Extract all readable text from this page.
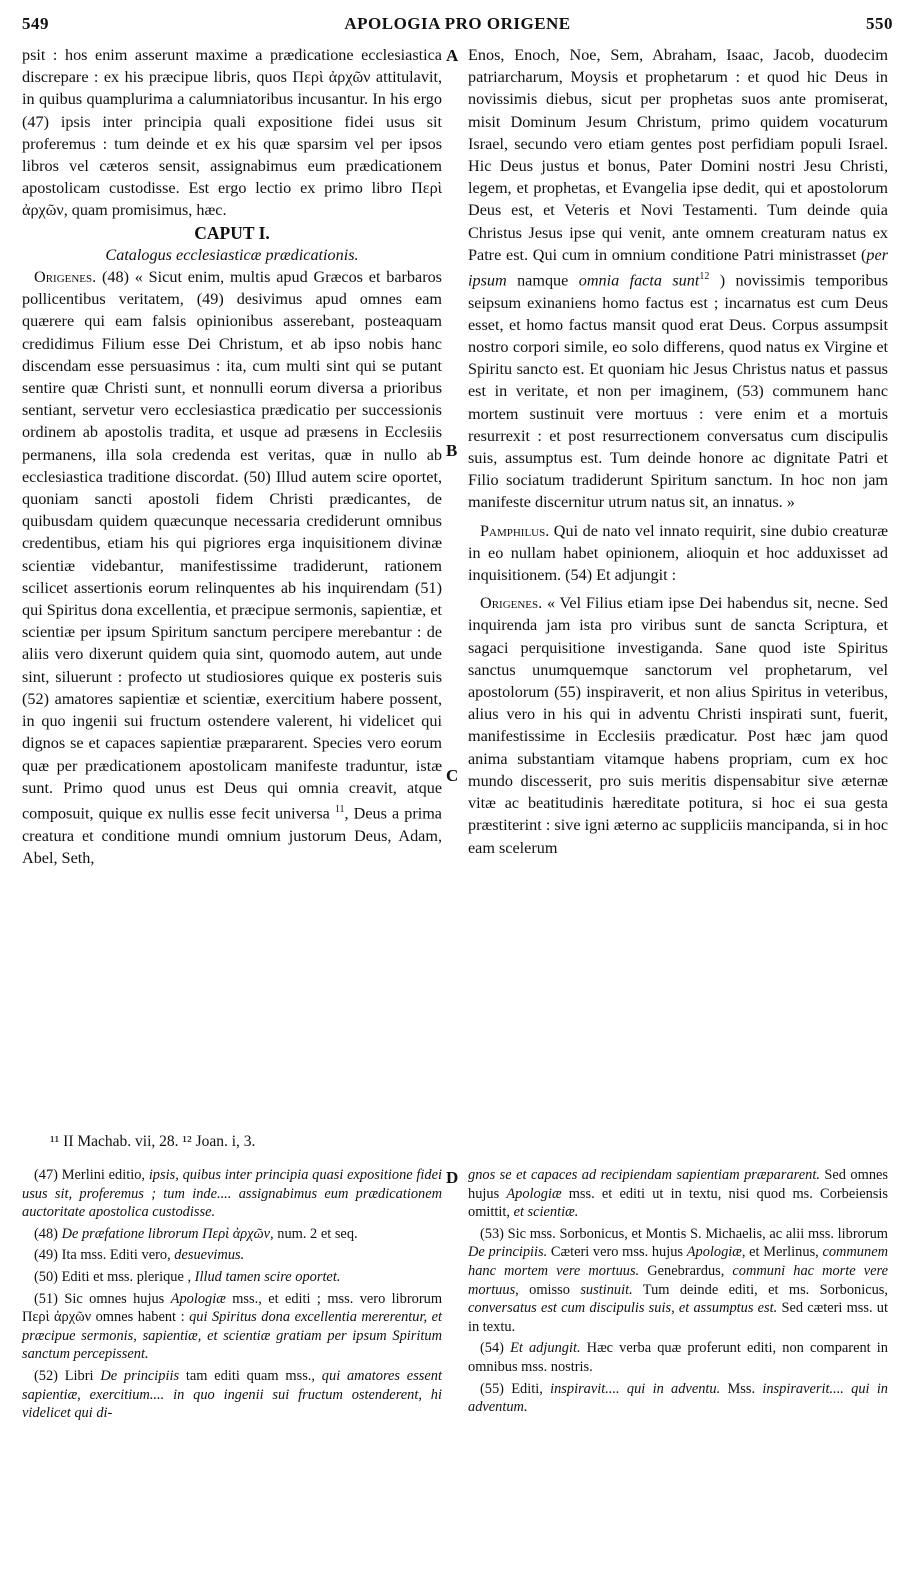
549	APOLOGIA PRO ORIGENE	550
A
B
C
D

psit : hos enim asserunt maxime a prædicatione ecclesiastica discrepare : ex his præcipue libris, quos Περὶ ἀρχῶν attitulavit, in quibus quamplurima a calumniatoribus incusantur. In his ergo (47) ipsis inter principia quali expositione fidei usus sit proferemus : tum deinde et ex his quæ sparsim vel per ipsos libros vel cæteros sensit, assignabimus eum prædicationem apostolicam custodisse. Est ergo lectio ex primo libro Περὶ ἀρχῶν, quam promisimus, hæc.

CAPUT I.

Catalogus ecclesiasticæ prædicationis.

Origenes. (48) « Sicut enim, multis apud Græcos et barbaros pollicentibus veritatem, (49) desivimus apud omnes eam quærere qui eam falsis opinionibus asserebant, posteaquam credidimus Filium esse Dei Christum, et ab ipso nobis hanc discendam esse persuasimus : ita, cum multi sint qui se putant sentire quæ Christi sunt, et nonnulli eorum diversa a prioribus sentiant, servetur vero ecclesiastica prædicatio per successionis ordinem ab apostolis tradita, et usque ad præsens in Ecclesiis permanens, illa sola credenda est veritas, quæ in nullo ab ecclesiastica traditione discordat. (50) Illud autem scire oportet, quoniam sancti apostoli fidem Christi prædicantes, de quibusdam quidem quæcunque necessaria crediderunt omnibus credentibus, etiam his qui pigriores erga inquisitionem divinæ scientiæ videbantur, manifestissime tradiderunt, rationem scilicet assertionis eorum relinquentes ab his inquirendam (51) qui Spiritus dona excellentia, et præcipue sermonis, sapientiæ, et scientiæ per ipsum Spiritum sanctum percipere merebantur : de aliis vero dixerunt quidem quia sint, quomodo autem, aut unde sint, siluerunt : profecto ut studiosiores quique ex posteris suis (52) amatores sapientiæ et scientiæ, exercitium habere possent, in quo ingenii sui fructum ostendere valerent, hi videlicet qui dignos se et capaces sapientiæ præpararent. Species vero eorum quæ per prædicationem apostolicam manifeste traduntur, istæ sunt. Primo quod unus est Deus qui omnia creavit, atque composuit, quique ex nullis esse fecit universa $^{11}$, Deus a prima creatura et conditione mundi omnium justorum Deus, Adam, Abel, Seth,

Enos, Enoch, Noe, Sem, Abraham, Isaac, Jacob, duodecim patriarcharum, Moysis et prophetarum : et quod hic Deus in novissimis diebus, sicut per prophetas suos ante promiserat, misit Dominum Jesum Christum, primo quidem vocaturum Israel, secundo vero etiam gentes post perfidiam populi Israel. Hic Deus justus et bonus, Pater Domini nostri Jesu Christi, legem, et prophetas, et Evangelia ipse dedit, qui et apostolorum Deus est, et Veteris et Novi Testamenti. Tum deinde quia Christus Jesus ipse qui venit, ante omnem creaturam natus ex Patre est. Qui cum in omnium conditione Patri ministrasset (per ipsum namque omnia facta sunt$^{12}$ ) novissimis temporibus seipsum exinaniens homo factus est ; incarnatus est cum Deus esset, et homo factus mansit quod erat Deus. Corpus assumpsit nostro corpori simile, eo solo differens, quod natus ex Virgine et Spiritu sancto est. Et quoniam hic Jesus Christus natus et passus est in veritate, et non per imaginem, (53) communem hanc mortem sustinuit vere mortuus : vere enim et a mortuis resurrexit : et post resurrectionem conversatus cum discipulis suis, assumptus est. Tum deinde honore ac dignitate Patri et Filio sociatum tradiderunt Spiritum sanctum. In hoc non jam manifeste discernitur utrum natus sit, an innatus. »

Pamphilus. Qui de nato vel innato requirit, sine dubio creaturæ in eo nullam habet opinionem, alioquin et hoc adduxisset ad inquisitionem. (54) Et adjungit :

Origenes. « Vel Filius etiam ipse Dei habendus sit, necne. Sed inquirenda jam ista pro viribus sunt de sancta Scriptura, et sagaci perquisitione investiganda. Sane quod iste Spiritus sanctus unumquemque sanctorum vel prophetarum, vel apostolorum (55) inspiraverit, et non alius Spiritus in veteribus, alius vero in his qui in adventu Christi inspirati sunt, fuerit, manifestissime in Ecclesiis prædicatur. Post hæc jam quod anima substantiam vitamque habens propriam, cum ex hoc mundo discesserit, pro suis meritis dispensabitur sive æternæ vitæ ac beatitudinis hæreditate potitura, si hoc ei sua gesta præstiterint : sive igni æterno ac suppliciis mancipanda, si in hoc eam scelerum

¹¹ II Machab. vii, 28. ¹² Joan. i, 3.

(47) Merlini editio, ipsis, quibus inter principia quasi expositione fidei usus sit, proferemus ; tum inde.... assignabimus eum prædicationem auctoritate apostolica custodisse.

(48) De præfatione librorum Περὶ ἀρχῶν, num. 2 et seq.

(49) Ita mss. Editi vero, desuevimus.

(50) Editi et mss. plerique , Illud tamen scire oportet.

(51) Sic omnes hujus Apologiæ mss., et editi ; mss. vero librorum Περὶ ἀρχῶν omnes habent : qui Spiritus dona excellentia mererentur, et præcipue sermonis, sapientiæ, et scientiæ gratiam per ipsum Spiritum sanctum percepissent.

(52) Libri De principiis tam editi quam mss., qui amatores essent sapientiæ, exercitium.... in quo ingenii sui fructum ostenderent, hi videlicet qui di-

gnos se et capaces ad recipiendam sapientiam præpararent. Sed omnes hujus Apologiæ mss. et editi ut in textu, nisi quod ms. Corbeiensis omittit, et scientiæ.

(53) Sic mss. Sorbonicus, et Montis S. Michaelis, ac alii mss. librorum De principiis. Cæteri vero mss. hujus Apologiæ, et Merlinus, communem hanc mortem vere mortuus. Genebrardus, communi hac morte vere mortuus, omisso sustinuit. Tum deinde editi, et ms. Sorbonicus, conversatus est cum discipulis suis, et assumptus est. Sed cæteri mss. ut in textu.

(54) Et adjungit. Hæc verba quæ proferunt editi, non comparent in omnibus mss. nostris.

(55) Editi, inspiravit.... qui in adventu. Mss. inspiraverit.... qui in adventum.
